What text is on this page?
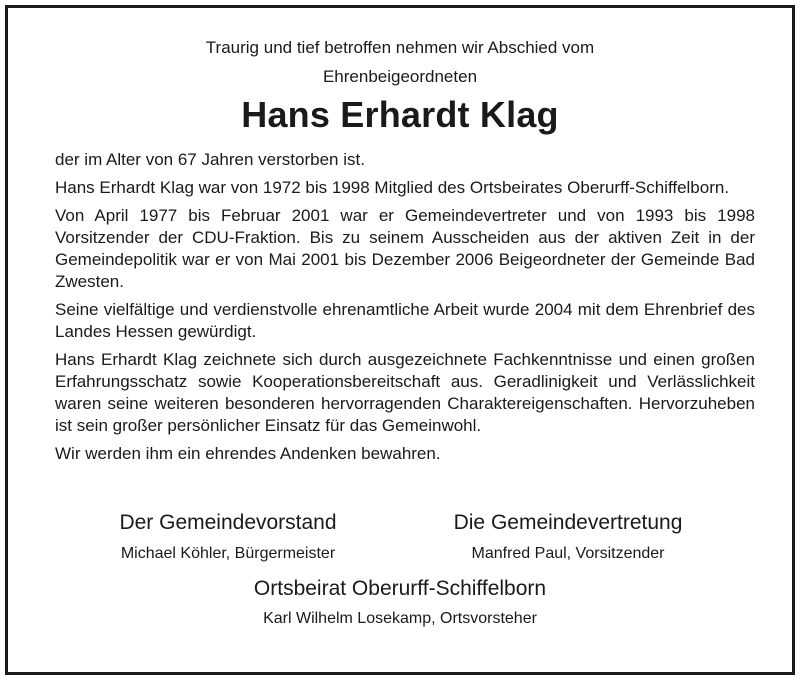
Traurig und tief betroffen nehmen wir Abschied vom
Ehrenbeigeordneten
Hans Erhardt Klag

der im Alter von 67 Jahren verstorben ist.

Hans Erhardt Klag war von 1972 bis 1998 Mitglied des Ortsbeirates Oberurff-Schiffelborn.

Von April 1977 bis Februar 2001 war er Gemeindevertreter und von 1993 bis 1998 Vorsitzender der CDU-Fraktion. Bis zu seinem Ausscheiden aus der aktiven Zeit in der Gemeindepolitik war er von Mai 2001 bis Dezember 2006 Beigeordneter der Gemeinde Bad Zwesten.

Seine vielfältige und verdienstvolle ehrenamtliche Arbeit wurde 2004 mit dem Ehrenbrief des Landes Hessen gewürdigt.

Hans Erhardt Klag zeichnete sich durch ausgezeichnete Fachkenntnisse und einen großen Erfahrungsschatz sowie Kooperationsbereitschaft aus. Geradlinigkeit und Verlässlichkeit waren seine weiteren besonderen hervorragenden Charaktereigenschaften. Hervorzuheben ist sein großer persönlicher Einsatz für das Gemeinwohl.

Wir werden ihm ein ehrendes Andenken bewahren.

Der Gemeindevorstand
Michael Köhler, Bürgermeister
Die Gemeindevertretung
Manfred Paul, Vorsitzender
Ortsbeirat Oberurff-Schiffelborn
Karl Wilhelm Losekamp, Ortsvorsteher
